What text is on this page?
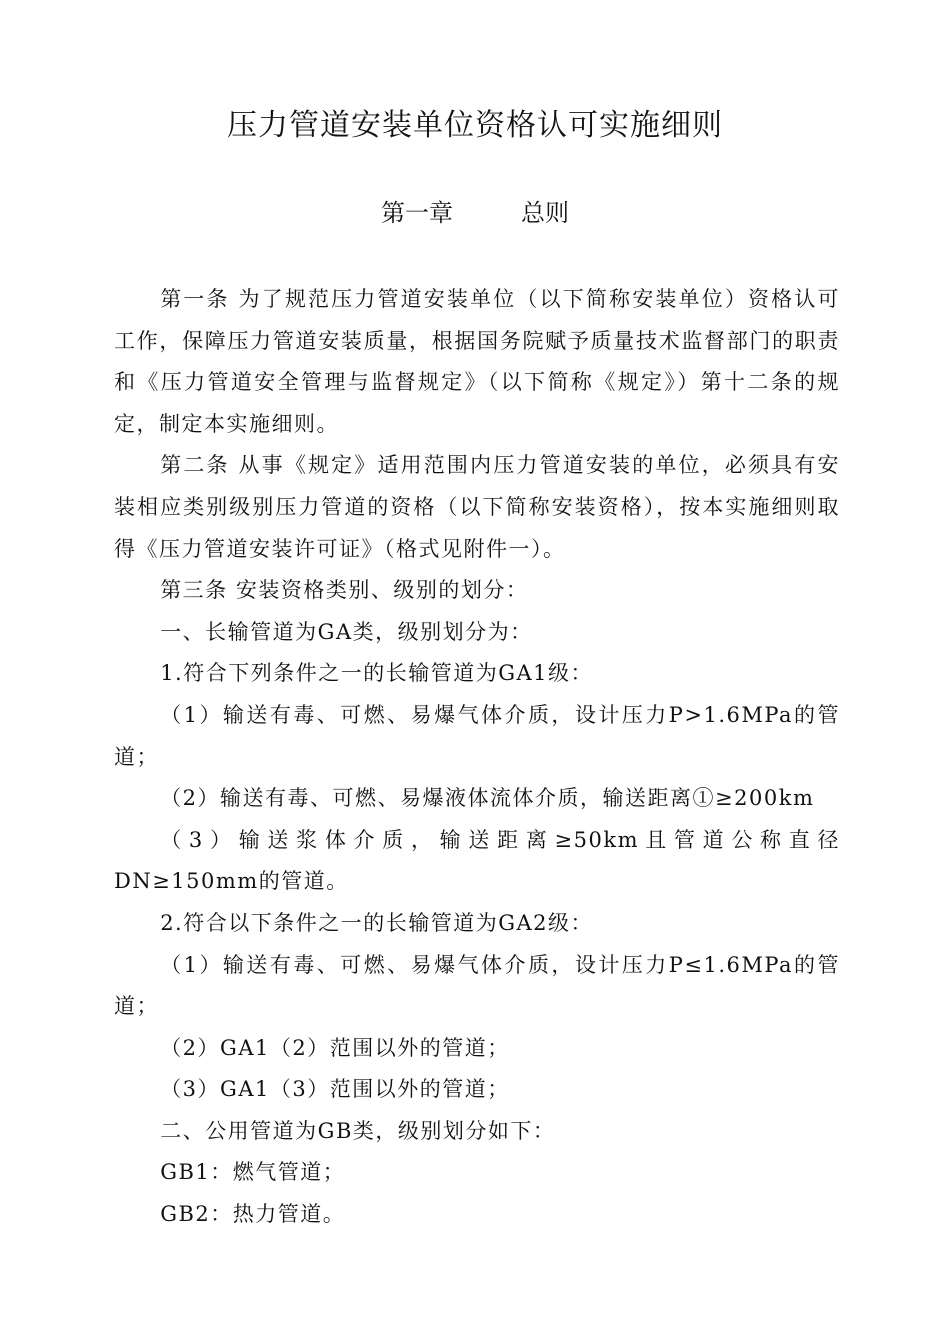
压力管道安装单位资格认可实施细则
第一章	总则

第一条 为了规范压力管道安装单位（以下简称安装单位）资格认可工作，保障压力管道安装质量，根据国务院赋予质量技术监督部门的职责和《压力管道安全管理与监督规定》（以下简称《规定》）第十二条的规定，制定本实施细则。

第二条 从事《规定》适用范围内压力管道安装的单位，必须具有安装相应类别级别压力管道的资格（以下简称安装资格），按本实施细则取得《压力管道安装许可证》（格式见附件一）。

第三条 安装资格类别、级别的划分：

一、长输管道为GA类，级别划分为：

1.符合下列条件之一的长输管道为GA1级：

（1）输送有毒、可燃、易爆气体介质，设计压力P>1.6MPa的管道；

（2）输送有毒、可燃、易爆液体流体介质，输送距离①≥200km

（3）输送浆体介质，输送距离≥50km且管道公称直径DN≥150mm的管道。

2.符合以下条件之一的长输管道为GA2级：

（1）输送有毒、可燃、易爆气体介质，设计压力P≤1.6MPa的管道；

（2）GA1（2）范围以外的管道；

（3）GA1（3）范围以外的管道；

二、公用管道为GB类，级别划分如下：

GB1：燃气管道；

GB2：热力管道。
